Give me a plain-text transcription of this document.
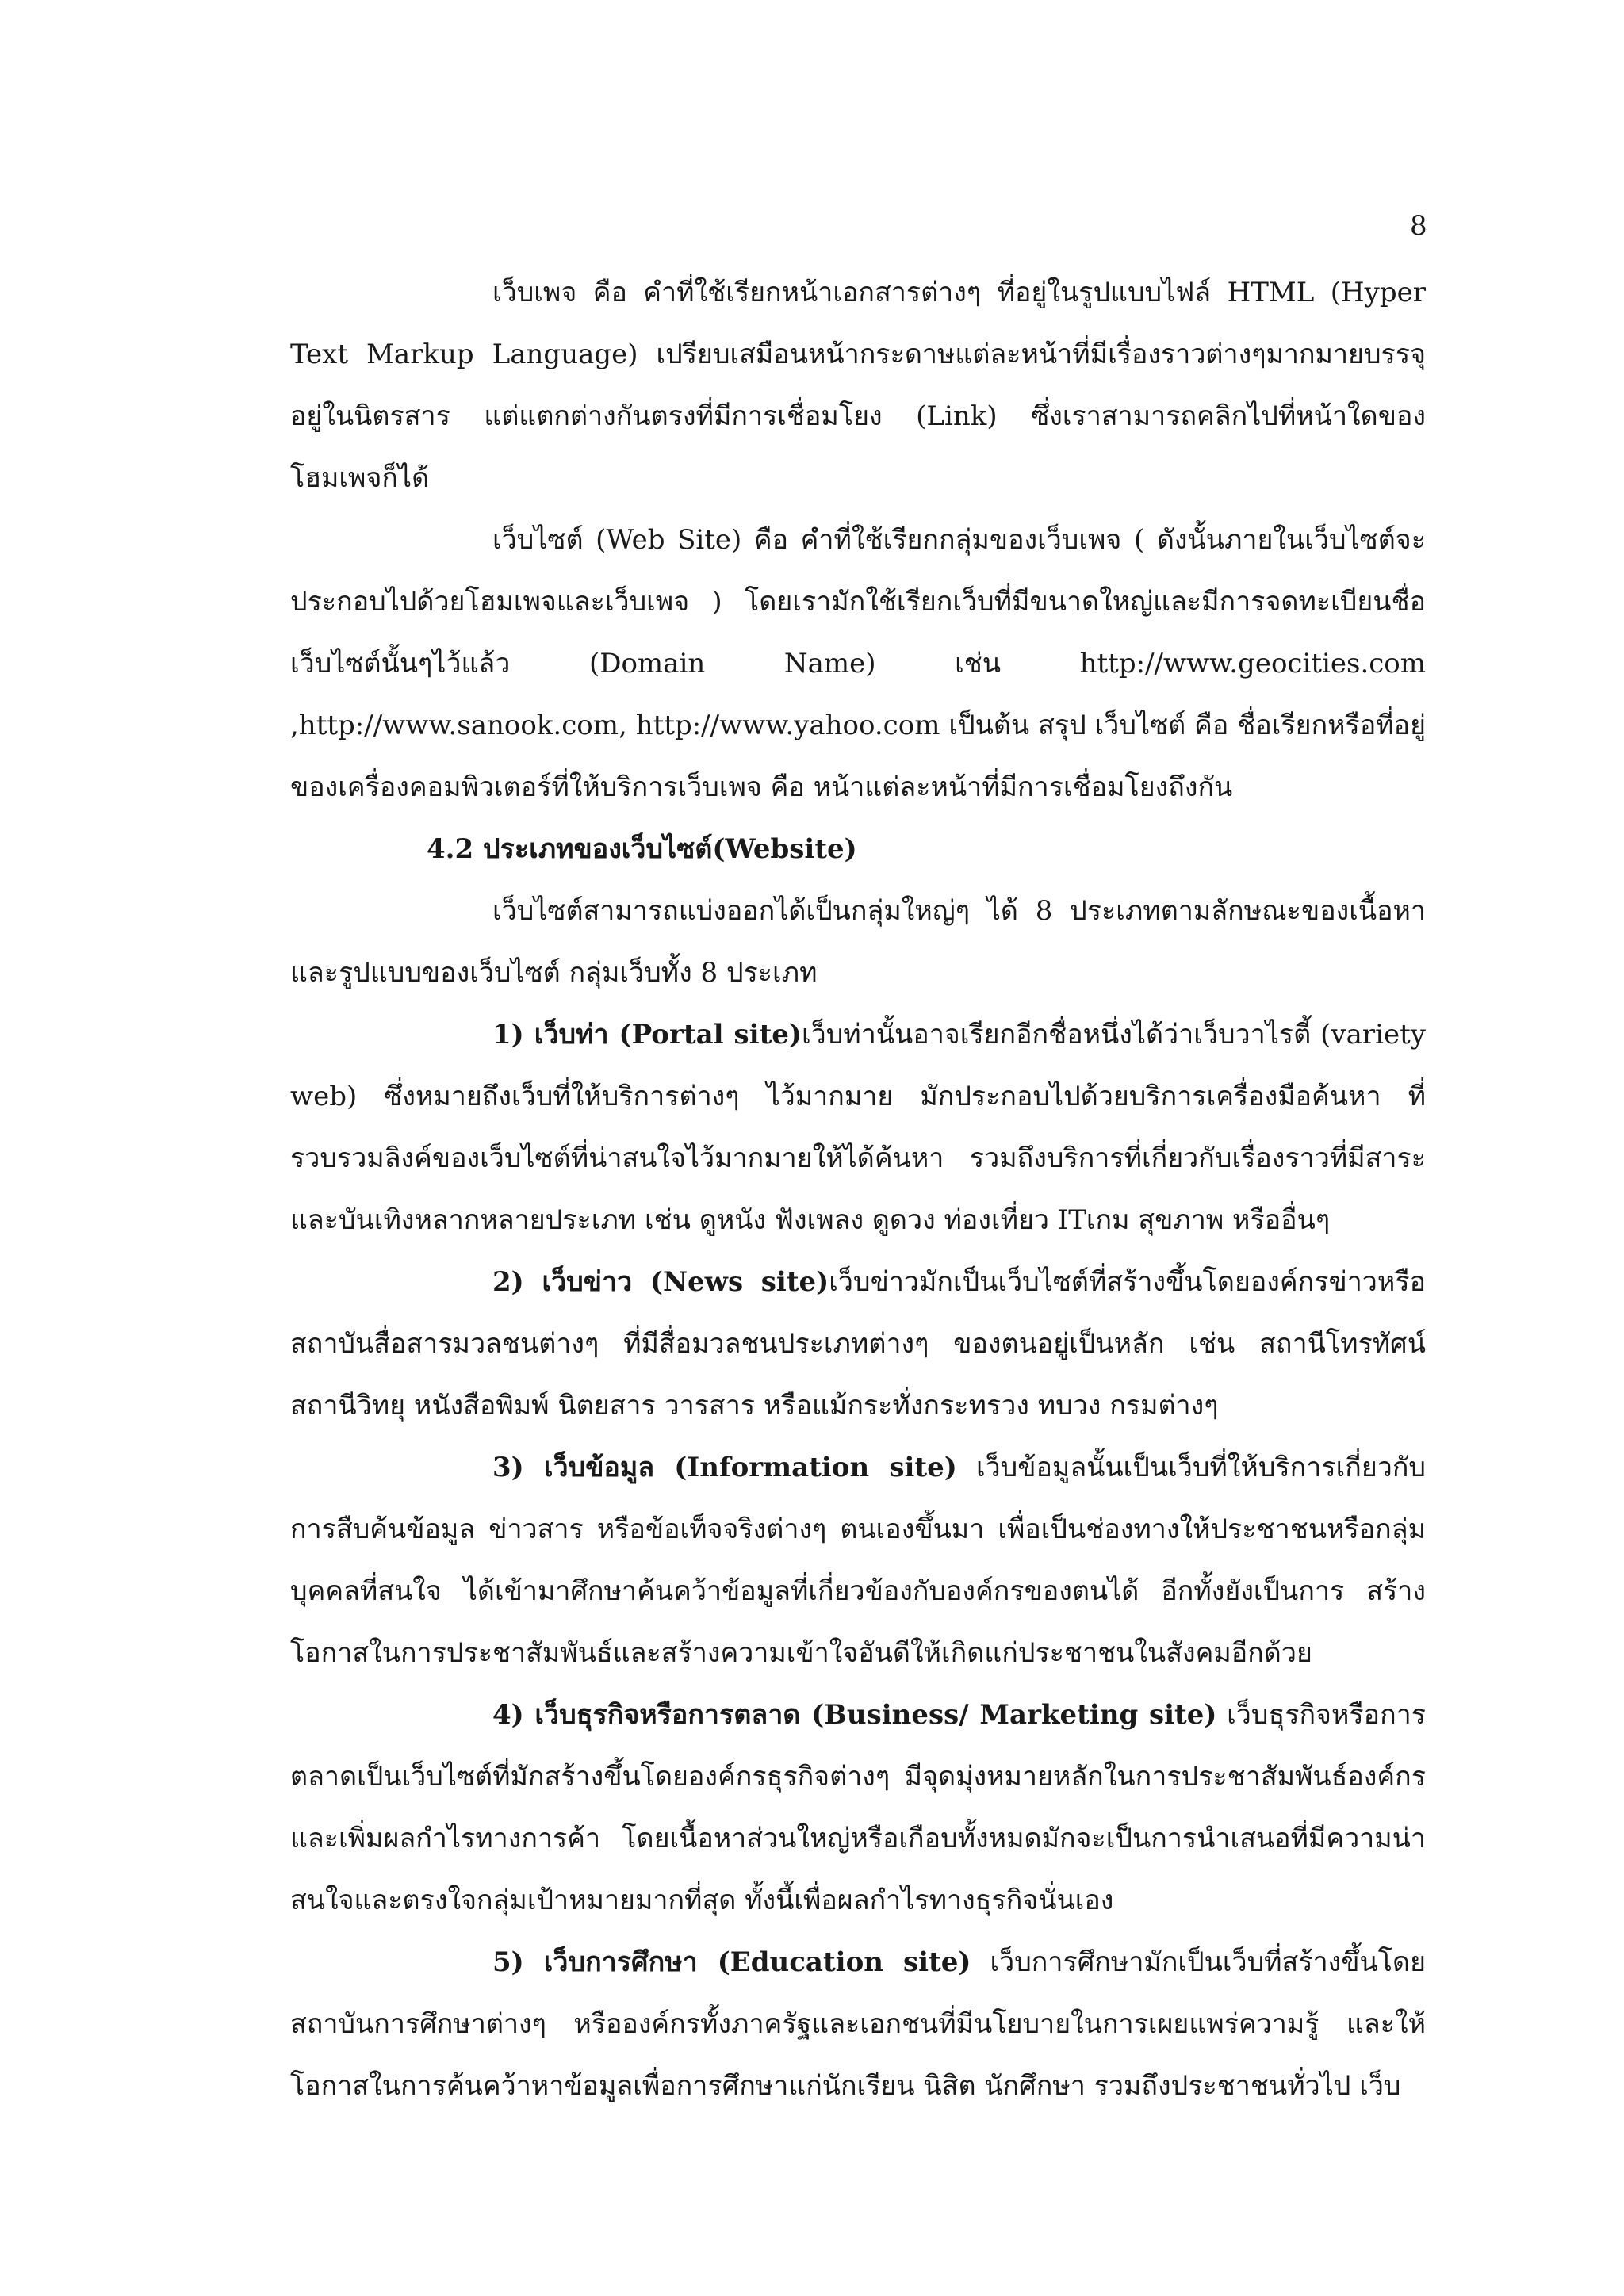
8

เว็บเพจ คือ คำที่ใช้เรียกหน้าเอกสารต่างๆ ที่อยู่ในรูปแบบไฟล์ HTML (Hyper Text Markup Language) เปรียบเสมือนหน้ากระดาษแต่ละหน้าที่มีเรื่องราวต่างๆมากมายบรรจุอยู่ในนิตรสาร แต่แตกต่างกันตรงที่มีการเชื่อมโยง (Link) ซึ่งเราสามารถคลิกไปที่หน้าใดของโฮมเพจก็ได้

เว็บไซต์ (Web Site) คือ คำที่ใช้เรียกกลุ่มของเว็บเพจ ( ดังนั้นภายในเว็บไซต์จะประกอบไปด้วยโฮมเพจและเว็บเพจ ) โดยเรามักใช้เรียกเว็บที่มีขนาดใหญ่และมีการจดทะเบียนชื่อเว็บไซต์นั้นๆไว้แล้ว (Domain Name) เช่น http://www.geocities.com ,http://www.sanook.com, http://www.yahoo.com เป็นต้น สรุป เว็บไซต์ คือ ชื่อเรียกหรือที่อยู่ของเครื่องคอมพิวเตอร์ที่ให้บริการเว็บเพจ คือ หน้าแต่ละหน้าที่มีการเชื่อมโยงถึงกัน

4.2 ประเภทของเว็บไซต์(Website)

เว็บไซต์สามารถแบ่งออกได้เป็นกลุ่มใหญ่ๆ ได้ 8 ประเภทตามลักษณะของเนื้อหาและรูปแบบของเว็บไซต์ กลุ่มเว็บทั้ง 8 ประเภท

1) เว็บท่า (Portal site)เว็บท่านั้นอาจเรียกอีกชื่อหนึ่งได้ว่าเว็บวาไรตี้ (variety web) ซึ่งหมายถึงเว็บที่ให้บริการต่างๆ ไว้มากมาย มักประกอบไปด้วยบริการเครื่องมือค้นหา ที่รวบรวมลิงค์ของเว็บไซต์ที่น่าสนใจไว้มากมายให้ได้ค้นหา รวมถึงบริการที่เกี่ยวกับเรื่องราวที่มีสาระและบันเทิงหลากหลายประเภท เช่น ดูหนัง ฟังเพลง ดูดวง ท่องเที่ยว ITเกม สุขภาพ หรืออื่นๆ

2) เว็บข่าว (News site)เว็บข่าวมักเป็นเว็บไซต์ที่สร้างขึ้นโดยองค์กรข่าวหรือสถาบันสื่อสารมวลชนต่างๆ ที่มีสื่อมวลชนประเภทต่างๆ ของตนอยู่เป็นหลัก เช่น สถานีโทรทัศน์ สถานีวิทยุ หนังสือพิมพ์ นิตยสาร วารสาร หรือแม้กระทั่งกระทรวง ทบวง กรมต่างๆ

3) เว็บข้อมูล (Information site) เว็บข้อมูลนั้นเป็นเว็บที่ให้บริการเกี่ยวกับการสืบค้นข้อมูล ข่าวสาร หรือข้อเท็จจริงต่างๆ ตนเองขึ้นมา เพื่อเป็นช่องทางให้ประชาชนหรือกลุ่มบุคคลที่สนใจ ได้เข้ามาศึกษาค้นคว้าข้อมูลที่เกี่ยวข้องกับองค์กรของตนได้ อีกทั้งยังเป็นการ สร้างโอกาสในการประชาสัมพันธ์และสร้างความเข้าใจอันดีให้เกิดแก่ประชาชนในสังคมอีกด้วย

4) เว็บธุรกิจหรือการตลาด (Business/ Marketing site) เว็บธุรกิจหรือการตลาดเป็นเว็บไซต์ที่มักสร้างขึ้นโดยองค์กรธุรกิจต่างๆ มีจุดมุ่งหมายหลักในการประชาสัมพันธ์องค์กรและเพิ่มผลกำไรทางการค้า โดยเนื้อหาส่วนใหญ่หรือเกือบทั้งหมดมักจะเป็นการนำเสนอที่มีความน่าสนใจและตรงใจกลุ่มเป้าหมายมากที่สุด ทั้งนี้เพื่อผลกำไรทางธุรกิจนั่นเอง

5) เว็บการศึกษา (Education site) เว็บการศึกษามักเป็นเว็บที่สร้างขึ้นโดยสถาบันการศึกษาต่างๆ หรือองค์กรทั้งภาครัฐและเอกชนที่มีนโยบายในการเผยแพร่ความรู้ และให้โอกาสในการค้นคว้าหาข้อมูลเพื่อการศึกษาแก่นักเรียน นิสิต นักศึกษา รวมถึงประชาชนทั่วไป เว็บ
